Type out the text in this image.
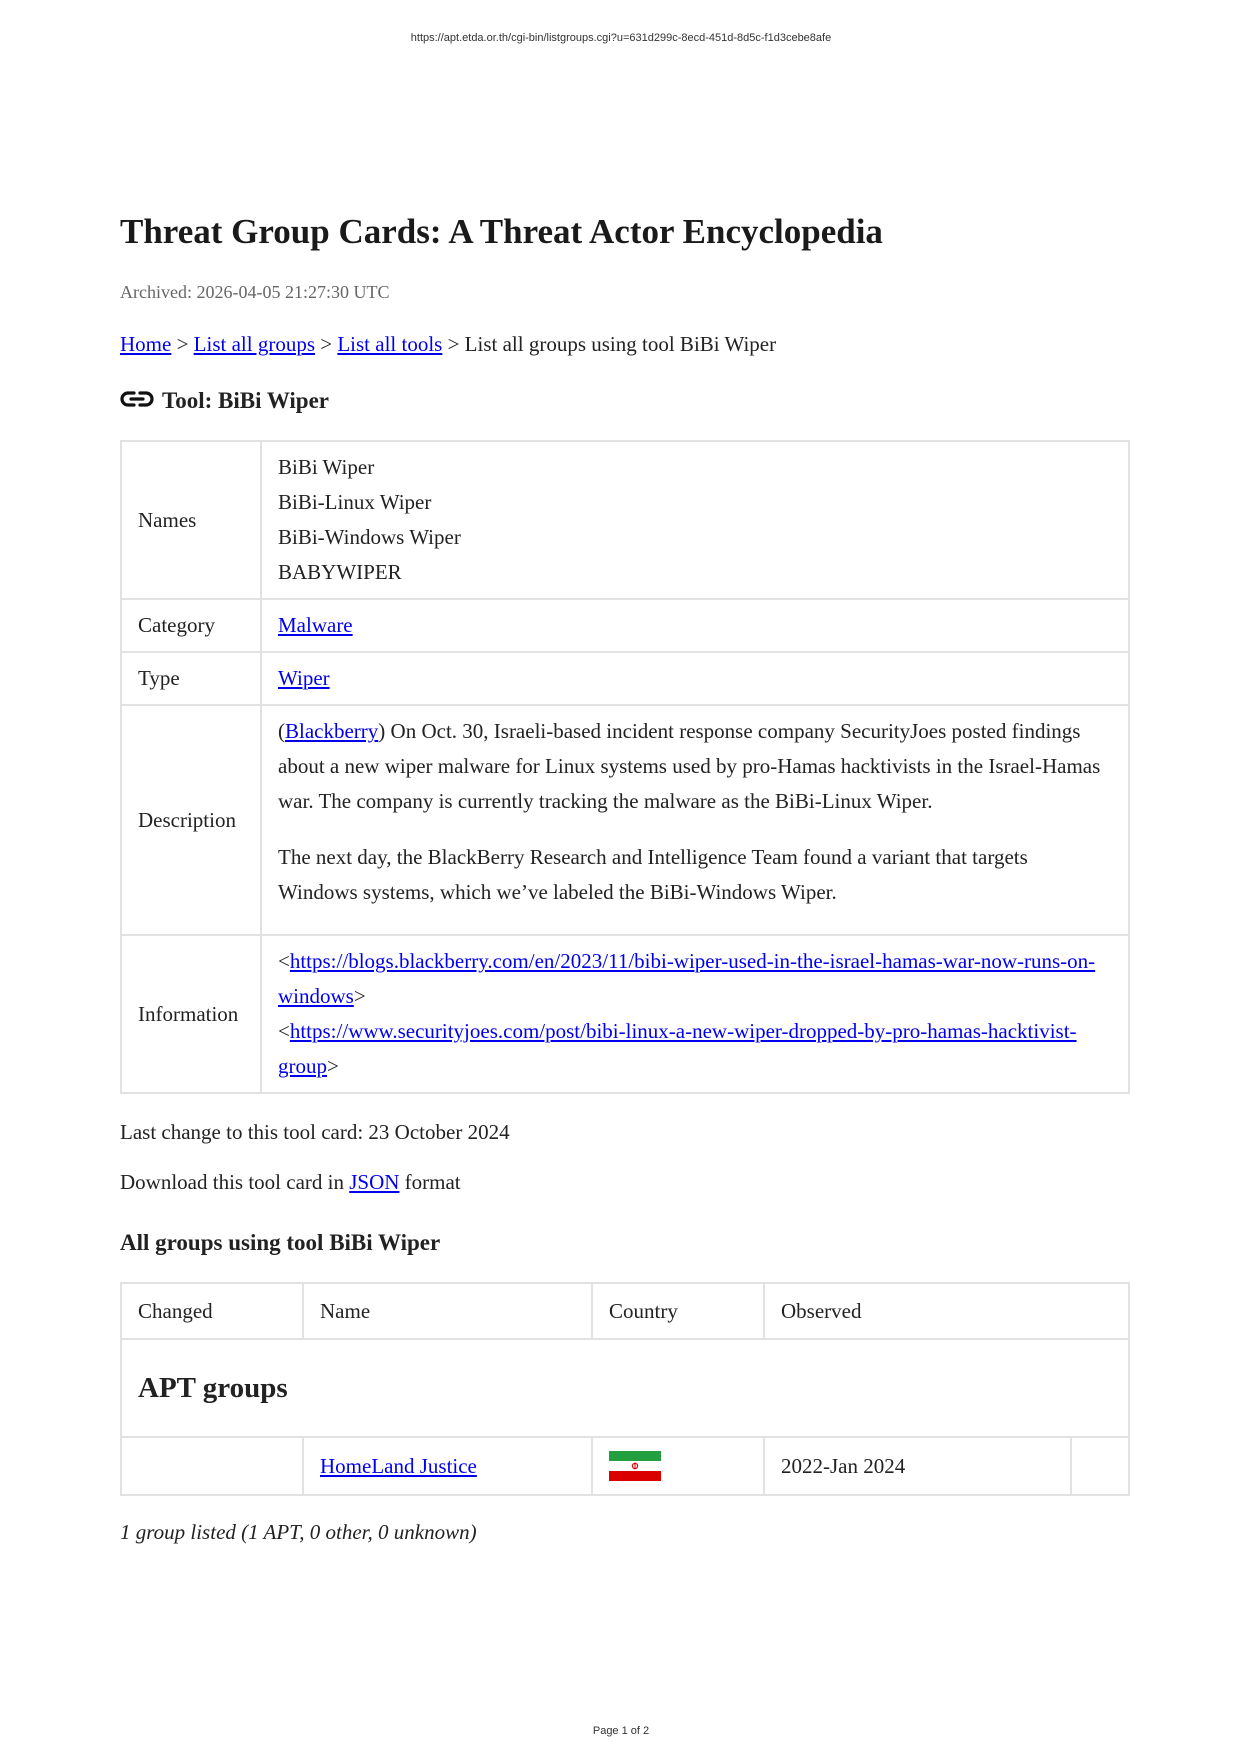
https://apt.etda.or.th/cgi-bin/listgroups.cgi?u=631d299c-8ecd-451d-8d5c-f1d3cebe8afe
Threat Group Cards: A Threat Actor Encyclopedia
Archived: 2026-04-05 21:27:30 UTC
Home > List all groups > List all tools > List all groups using tool BiBi Wiper
Tool: BiBi Wiper
Names	BiBi Wiper
BiBi-Linux Wiper
BiBi-Windows Wiper
BABYWIPER

Category	Malware
Type	Wiper
Description	(Blackberry) On Oct. 30, Israeli-based incident response company SecurityJoes posted findings about a new wiper malware for Linux systems used by pro-Hamas hacktivists in the Israel-Hamas war. The company is currently tracking the malware as the BiBi-Linux Wiper.

The next day, the BlackBerry Research and Intelligence Team found a variant that targets Windows systems, which we’ve labeled the BiBi-Windows Wiper.

Information	<https://blogs.blackberry.com/en/2023/11/bibi-wiper-used-in-the-israel-hamas-war-now-runs-on-windows>
<https://www.securityjoes.com/post/bibi-linux-a-new-wiper-dropped-by-pro-hamas-hacktivist-group>
Last change to this tool card: 23 October 2024
Download this tool card in JSON format
All groups using tool BiBi Wiper
Changed	Name	Country	Observed	
APT groups				
	HomeLand Justice		2022-Jan 2024	
1 group listed (1 APT, 0 other, 0 unknown)
Page 1 of 2
